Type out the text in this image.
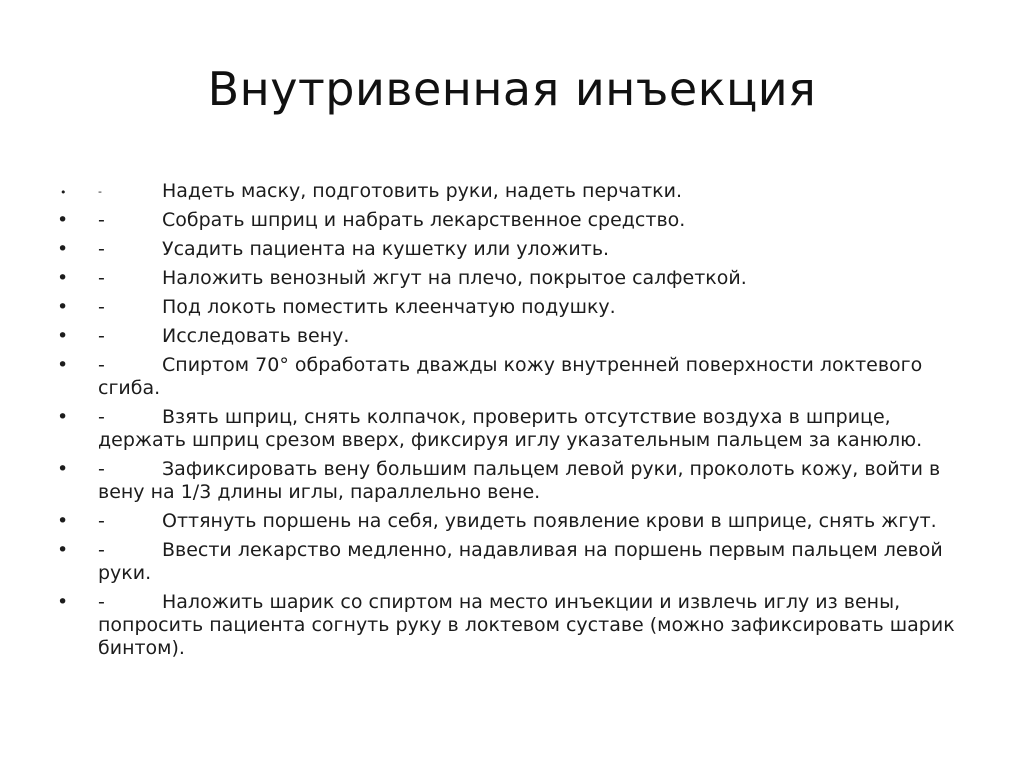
Внутривенная инъекция
•	-	Надеть маску, подготовить руки, надеть перчатки.
• -	Собрать шприц и набрать лекарственное средство.
• -	Усадить пациента на кушетку или уложить.
• -	Наложить венозный жгут на плечо, покрытое салфеткой.
• -	Под локоть поместить клеенчатую подушку.
• -	Исследовать вену.
• -	Спиртом 70° обработать дважды кожу внутренней поверхности локтевого сгиба.
• -	Взять шприц, снять колпачок, проверить отсутствие воздуха в шприце, держать шприц срезом вверх, фиксируя иглу указательным пальцем за канюлю.
• -	Зафиксировать вену большим пальцем левой руки, проколоть кожу, войти в вену на 1/3 длины иглы, параллельно вене.
• -	Оттянуть поршень на себя, увидеть появление крови в шприце, снять жгут.
• -	Ввести лекарство медленно, надавливая на поршень первым пальцем левой руки.
• -	Наложить шарик со спиртом на место инъекции и извлечь иглу из вены, попросить пациента согнуть руку в локтевом суставе (можно зафиксировать шарик бинтом).
